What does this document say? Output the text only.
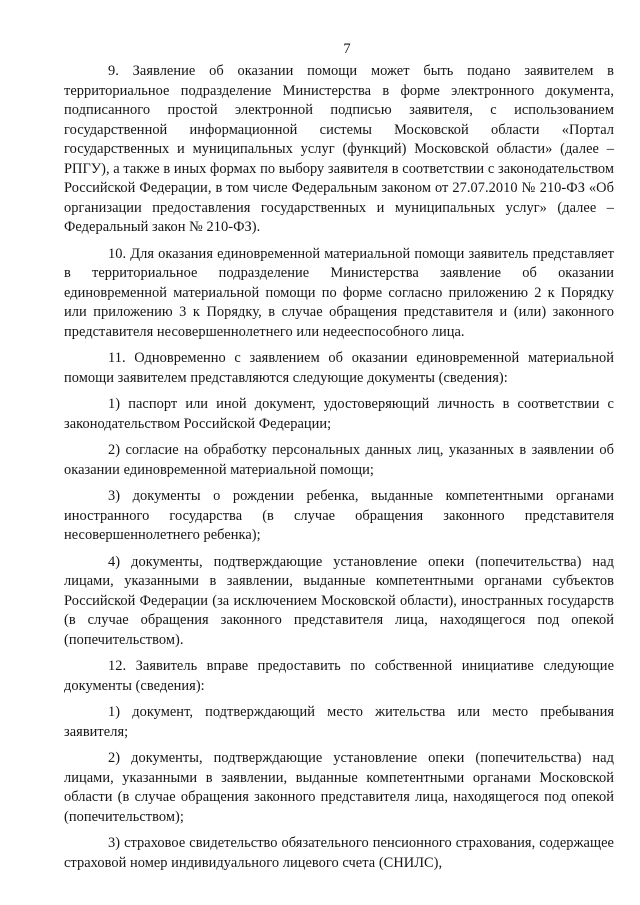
7

9. Заявление об оказании помощи может быть подано заявителем в территориальное подразделение Министерства в форме электронного документа, подписанного простой электронной подписью заявителя, с использованием государственной информационной системы Московской области «Портал государственных и муниципальных услуг (функций) Московской области» (далее – РПГУ), а также в иных формах по выбору заявителя в соответствии с законодательством Российской Федерации, в том числе Федеральным законом от 27.07.2010 № 210-ФЗ «Об организации предоставления государственных и муниципальных услуг» (далее – Федеральный закон № 210-ФЗ).

10. Для оказания единовременной материальной помощи заявитель представляет в территориальное подразделение Министерства заявление об оказании единовременной материальной помощи по форме согласно приложению 2 к Порядку или приложению 3 к Порядку, в случае обращения представителя и (или) законного представителя несовершеннолетнего или недееспособного лица.

11. Одновременно с заявлением об оказании единовременной материальной помощи заявителем представляются следующие документы (сведения):

1) паспорт или иной документ, удостоверяющий личность в соответствии с законодательством Российской Федерации;

2) согласие на обработку персональных данных лиц, указанных в заявлении об оказании единовременной материальной помощи;

3) документы о рождении ребенка, выданные компетентными органами иностранного государства (в случае обращения законного представителя несовершеннолетнего ребенка);

4) документы, подтверждающие установление опеки (попечительства) над лицами, указанными в заявлении, выданные компетентными органами субъектов Российской Федерации (за исключением Московской области), иностранных государств (в случае обращения законного представителя лица, находящегося под опекой (попечительством).

12. Заявитель вправе предоставить по собственной инициативе следующие документы (сведения):

1) документ, подтверждающий место жительства или место пребывания заявителя;

2) документы, подтверждающие установление опеки (попечительства) над лицами, указанными в заявлении, выданные компетентными органами Московской области (в случае обращения законного представителя лица, находящегося под опекой (попечительством);

3) страховое свидетельство обязательного пенсионного страхования, содержащее страховой номер индивидуального лицевого счета (СНИЛС),
